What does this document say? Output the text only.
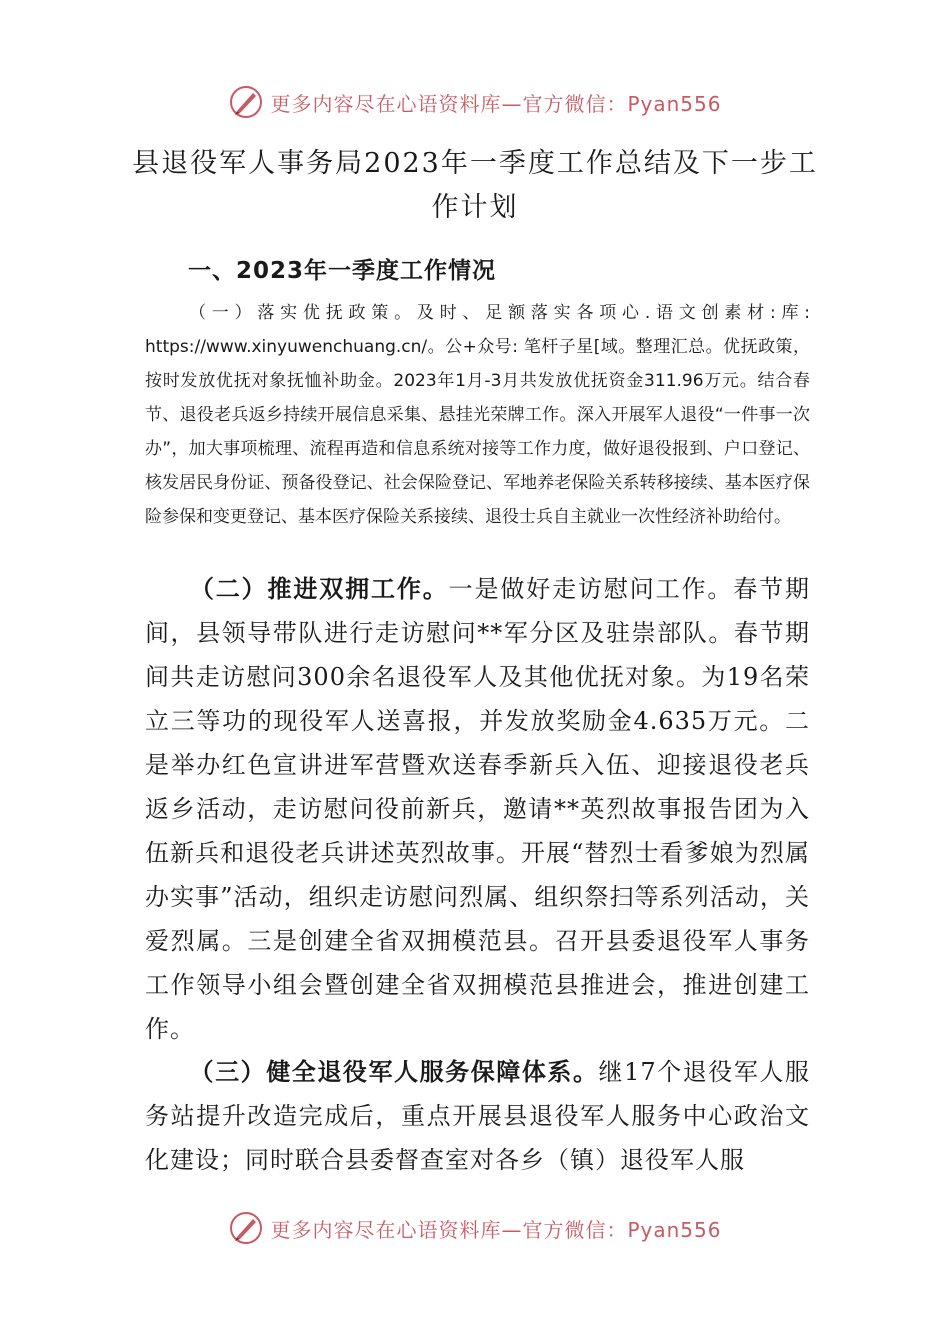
更多内容尽在心语资料库—官方微信：Pyan556
县退役军人事务局2023年一季度工作总结及下一步工作计划
一、2023年一季度工作情况
（一）落实优抚政策。及时、足额落实各项心.语文创素材:库: https://www.xinyuwenchuang.cn/。公+众号: 笔杆子星[域。整理汇总。优抚政策，按时发放优抚对象抚恤补助金。2023年1月-3月共发放优抚资金311.96万元。结合春节、退役老兵返乡持续开展信息采集、悬挂光荣牌工作。深入开展军人退役“一件事一次办”，加大事项梳理、流程再造和信息系统对接等工作力度，做好退役报到、户口登记、核发居民身份证、预备役登记、社会保险登记、军地养老保险关系转移接续、基本医疗保险参保和变更登记、基本医疗保险关系接续、退役士兵自主就业一次性经济补助给付。
（二）推进双拥工作。一是做好走访慰问工作。春节期间，县领导带队进行走访慰问**军分区及驻崇部队。春节期间共走访慰问300余名退役军人及其他优抚对象。为19名荣立三等功的现役军人送喜报，并发放奖励金4.635万元。二是举办红色宣讲进军营暨欢送春季新兵入伍、迎接退役老兵返乡活动，走访慰问役前新兵，邀请**英烈故事报告团为入伍新兵和退役老兵讲述英烈故事。开展“替烈士看爹娘为烈属办实事”活动，组织走访慰问烈属、组织祭扫等系列活动，关爱烈属。三是创建全省双拥模范县。召开县委退役军人事务工作领导小组会暨创建全省双拥模范县推进会，推进创建工作。
（三）健全退役军人服务保障体系。继17个退役军人服务站提升改造完成后，重点开展县退役军人服务中心政治文化建设；同时联合县委督查室对各乡（镇）退役军人服
更多内容尽在心语资料库—官方微信：Pyan556
